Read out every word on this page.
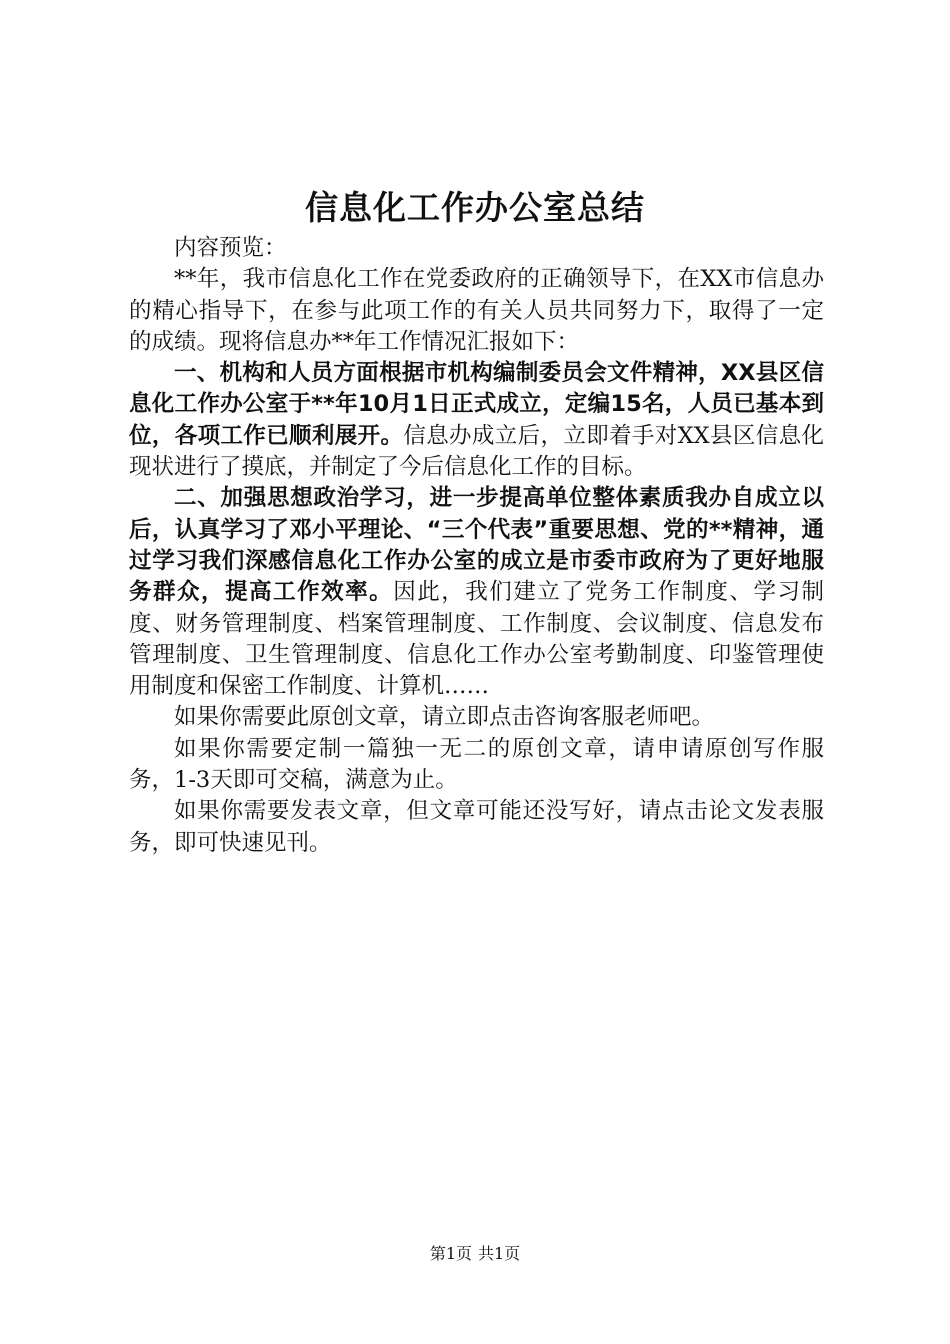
信息化工作办公室总结

内容预览：

**年，我市信息化工作在党委政府的正确领导下，在XX市信息办的精心指导下，在参与此项工作的有关人员共同努力下，取得了一定的成绩。现将信息办**年工作情况汇报如下：

一、机构和人员方面根据市机构编制委员会文件精神，XX县区信息化工作办公室于**年10月1日正式成立，定编15名，人员已基本到位，各项工作已顺利展开。信息办成立后，立即着手对XX县区信息化现状进行了摸底，并制定了今后信息化工作的目标。

二、加强思想政治学习，进一步提高单位整体素质我办自成立以后，认真学习了邓小平理论、“三个代表”重要思想、党的**精神，通过学习我们深感信息化工作办公室的成立是市委市政府为了更好地服务群众，提高工作效率。因此，我们建立了党务工作制度、学习制度、财务管理制度、档案管理制度、工作制度、会议制度、信息发布管理制度、卫生管理制度、信息化工作办公室考勤制度、印鉴管理使用制度和保密工作制度、计算机……

如果你需要此原创文章，请立即点击咨询客服老师吧。

如果你需要定制一篇独一无二的原创文章，请申请原创写作服务，1-3天即可交稿，满意为止。

如果你需要发表文章，但文章可能还没写好，请点击论文发表服务，即可快速见刊。

第1页 共1页
